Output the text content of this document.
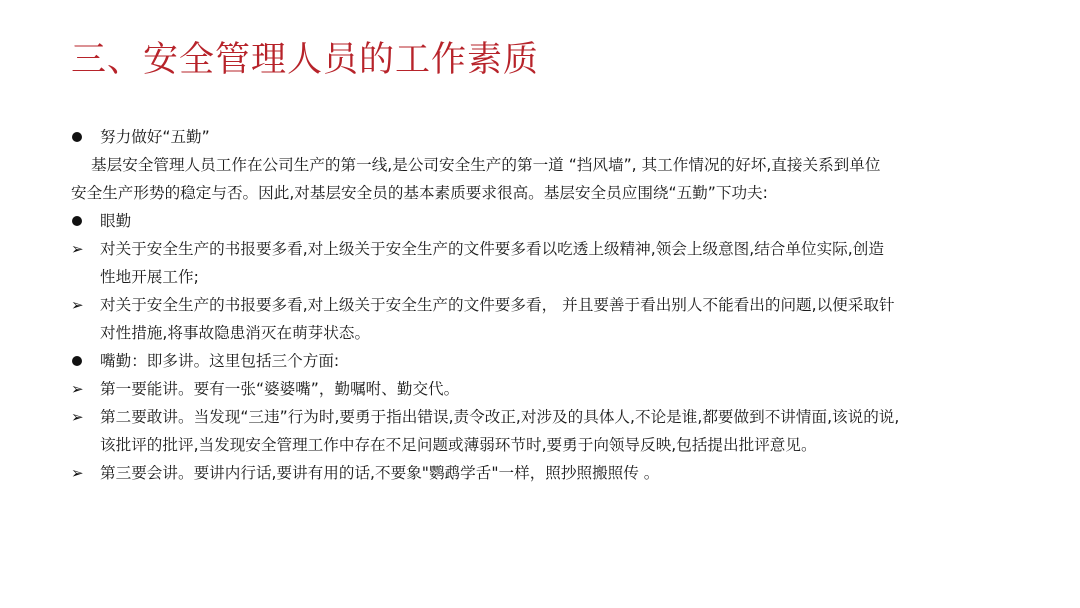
三、安全管理人员的工作素质
努力做好“五勤”
基层安全管理人员工作在公司生产的第一线,是公司安全生产的第一道 “挡风墙”, 其工作情况的好坏,直接关系到单位
安全生产形势的稳定与否。因此,对基层安全员的基本素质要求很高。基层安全员应围绕“五勤”下功夫:
眼勤
➢ 对关于安全生产的书报要多看,对上级关于安全生产的文件要多看以吃透上级精神,领会上级意图,结合单位实际,创造
性地开展工作;
➢ 对关于安全生产的书报要多看,对上级关于安全生产的文件要多看， 并且要善于看出别人不能看出的问题,以便采取针
对性措施,将事故隐患消灭在萌芽状态。
嘴勤：即多讲。这里包括三个方面:
➢ 第一要能讲。要有一张“婆婆嘴”，勤嘱咐、勤交代。
➢ 第二要敢讲。当发现“三违”行为时,要勇于指出错误,责令改正,对涉及的具体人,不论是谁,都要做到不讲情面,该说的说,
该批评的批评,当发现安全管理工作中存在不足问题或薄弱环节时,要勇于向领导反映,包括提出批评意见。
➢ 第三要会讲。要讲内行话,要讲有用的话,不要象"鹦鹉学舌"一样，照抄照搬照传 。
